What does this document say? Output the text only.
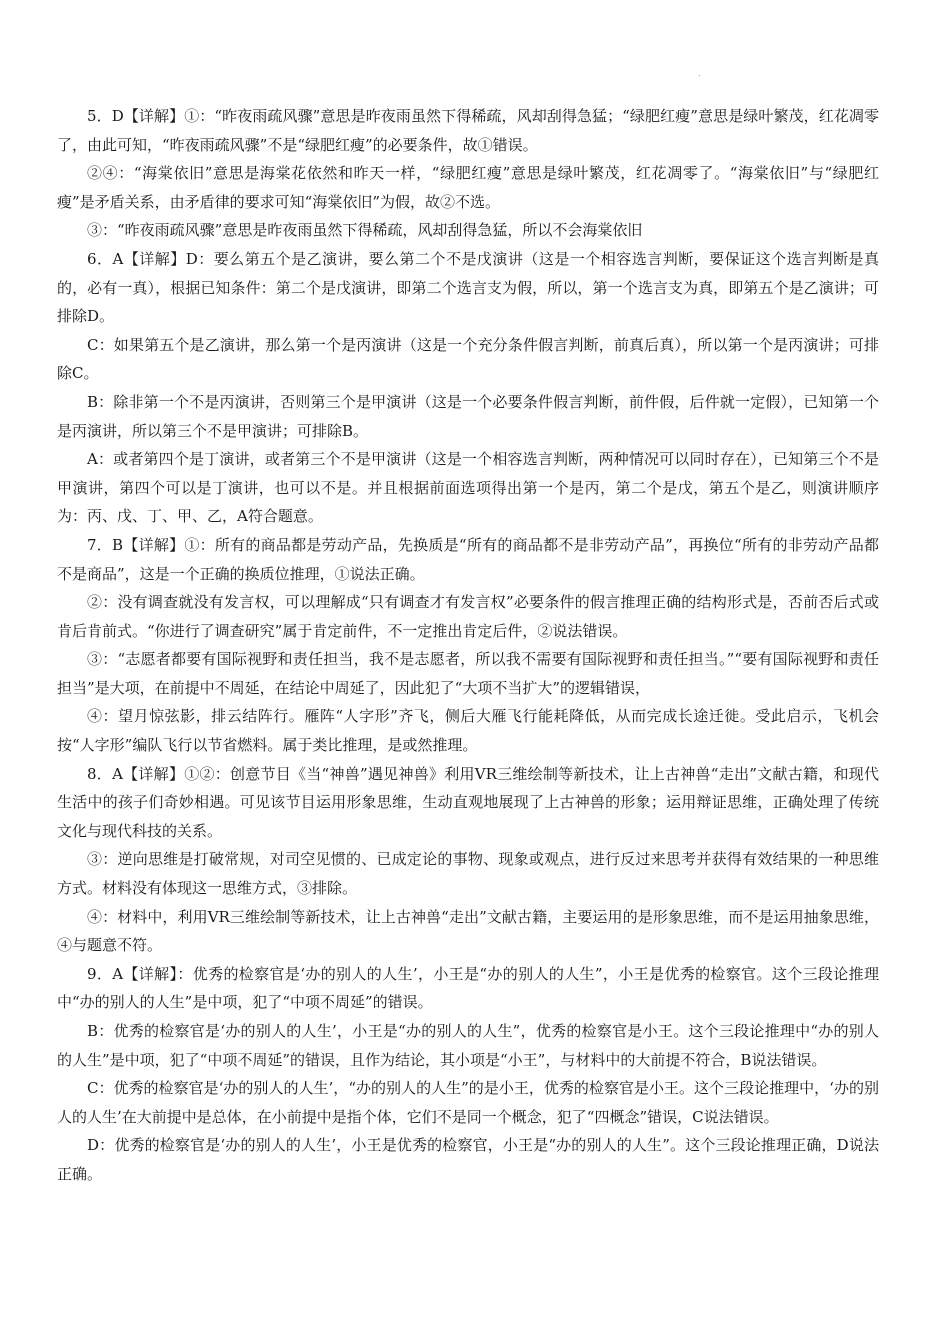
.

5．D【详解】①：“昨夜雨疏风骤”意思是昨夜雨虽然下得稀疏，风却刮得急猛；“绿肥红瘦”意思是绿叶繁茂，红花凋零了，由此可知，“昨夜雨疏风骤”不是“绿肥红瘦”的必要条件，故①错误。

②④：“海棠依旧”意思是海棠花依然和昨天一样，“绿肥红瘦”意思是绿叶繁茂，红花凋零了。“海棠依旧”与“绿肥红瘦”是矛盾关系，由矛盾律的要求可知“海棠依旧”为假，故②不选。

③：“昨夜雨疏风骤”意思是昨夜雨虽然下得稀疏，风却刮得急猛，所以不会海棠依旧

6．A【详解】D：要么第五个是乙演讲，要么第二个不是戊演讲（这是一个相容选言判断，要保证这个选言判断是真的，必有一真），根据已知条件：第二个是戊演讲，即第二个选言支为假，所以，第一个选言支为真，即第五个是乙演讲；可排除D。

C：如果第五个是乙演讲，那么第一个是丙演讲（这是一个充分条件假言判断，前真后真），所以第一个是丙演讲；可排除C。

B：除非第一个不是丙演讲，否则第三个是甲演讲（这是一个必要条件假言判断，前件假，后件就一定假），已知第一个是丙演讲，所以第三个不是甲演讲；可排除B。

A：或者第四个是丁演讲，或者第三个不是甲演讲（这是一个相容选言判断，两种情况可以同时存在），已知第三个不是甲演讲，第四个可以是丁演讲，也可以不是。并且根据前面选项得出第一个是丙，第二个是戊，第五个是乙，则演讲顺序为：丙、戊、丁、甲、乙，A符合题意。

7．B【详解】①：所有的商品都是劳动产品，先换质是“所有的商品都不是非劳动产品”，再换位“所有的非劳动产品都不是商品”，这是一个正确的换质位推理，①说法正确。

②：没有调查就没有发言权，可以理解成“只有调查才有发言权”必要条件的假言推理正确的结构形式是，否前否后式或肯后肯前式。“你进行了调查研究”属于肯定前件，不一定推出肯定后件，②说法错误。

③：“志愿者都要有国际视野和责任担当，我不是志愿者，所以我不需要有国际视野和责任担当。”“要有国际视野和责任担当”是大项，在前提中不周延，在结论中周延了，因此犯了“大项不当扩大”的逻辑错误，

④：望月惊弦影，排云结阵行。雁阵“人字形”齐飞，侧后大雁飞行能耗降低，从而完成长途迁徙。受此启示，飞机会按“人字形”编队飞行以节省燃料。属于类比推理，是或然推理。

8．A【详解】①②：创意节目《当“神兽”遇见神兽》利用VR三维绘制等新技术，让上古神兽“走出”文献古籍，和现代生活中的孩子们奇妙相遇。可见该节目运用形象思维，生动直观地展现了上古神兽的形象；运用辩证思维，正确处理了传统文化与现代科技的关系。

③：逆向思维是打破常规，对司空见惯的、已成定论的事物、现象或观点，进行反过来思考并获得有效结果的一种思维方式。材料没有体现这一思维方式，③排除。

④：材料中，利用VR三维绘制等新技术，让上古神兽“走出”文献古籍，主要运用的是形象思维，而不是运用抽象思维，④与题意不符。

9．A【详解】：优秀的检察官是‘办的别人的人生’，小王是“办的别人的人生”，小王是优秀的检察官。这个三段论推理中“办的别人的人生”是中项，犯了“中项不周延”的错误。

B：优秀的检察官是‘办的别人的人生’，小王是“办的别人的人生”，优秀的检察官是小王。这个三段论推理中“办的别人的人生”是中项，犯了“中项不周延”的错误，且作为结论，其小项是“小王”，与材料中的大前提不符合，B说法错误。

C：优秀的检察官是‘办的别人的人生’，“办的别人的人生”的是小王，优秀的检察官是小王。这个三段论推理中，‘办的别人的人生’在大前提中是总体，在小前提中是指个体，它们不是同一个概念，犯了“四概念”错误，C说法错误。

D：优秀的检察官是‘办的别人的人生’，小王是优秀的检察官，小王是“办的别人的人生”。这个三段论推理正确，D说法正确。
